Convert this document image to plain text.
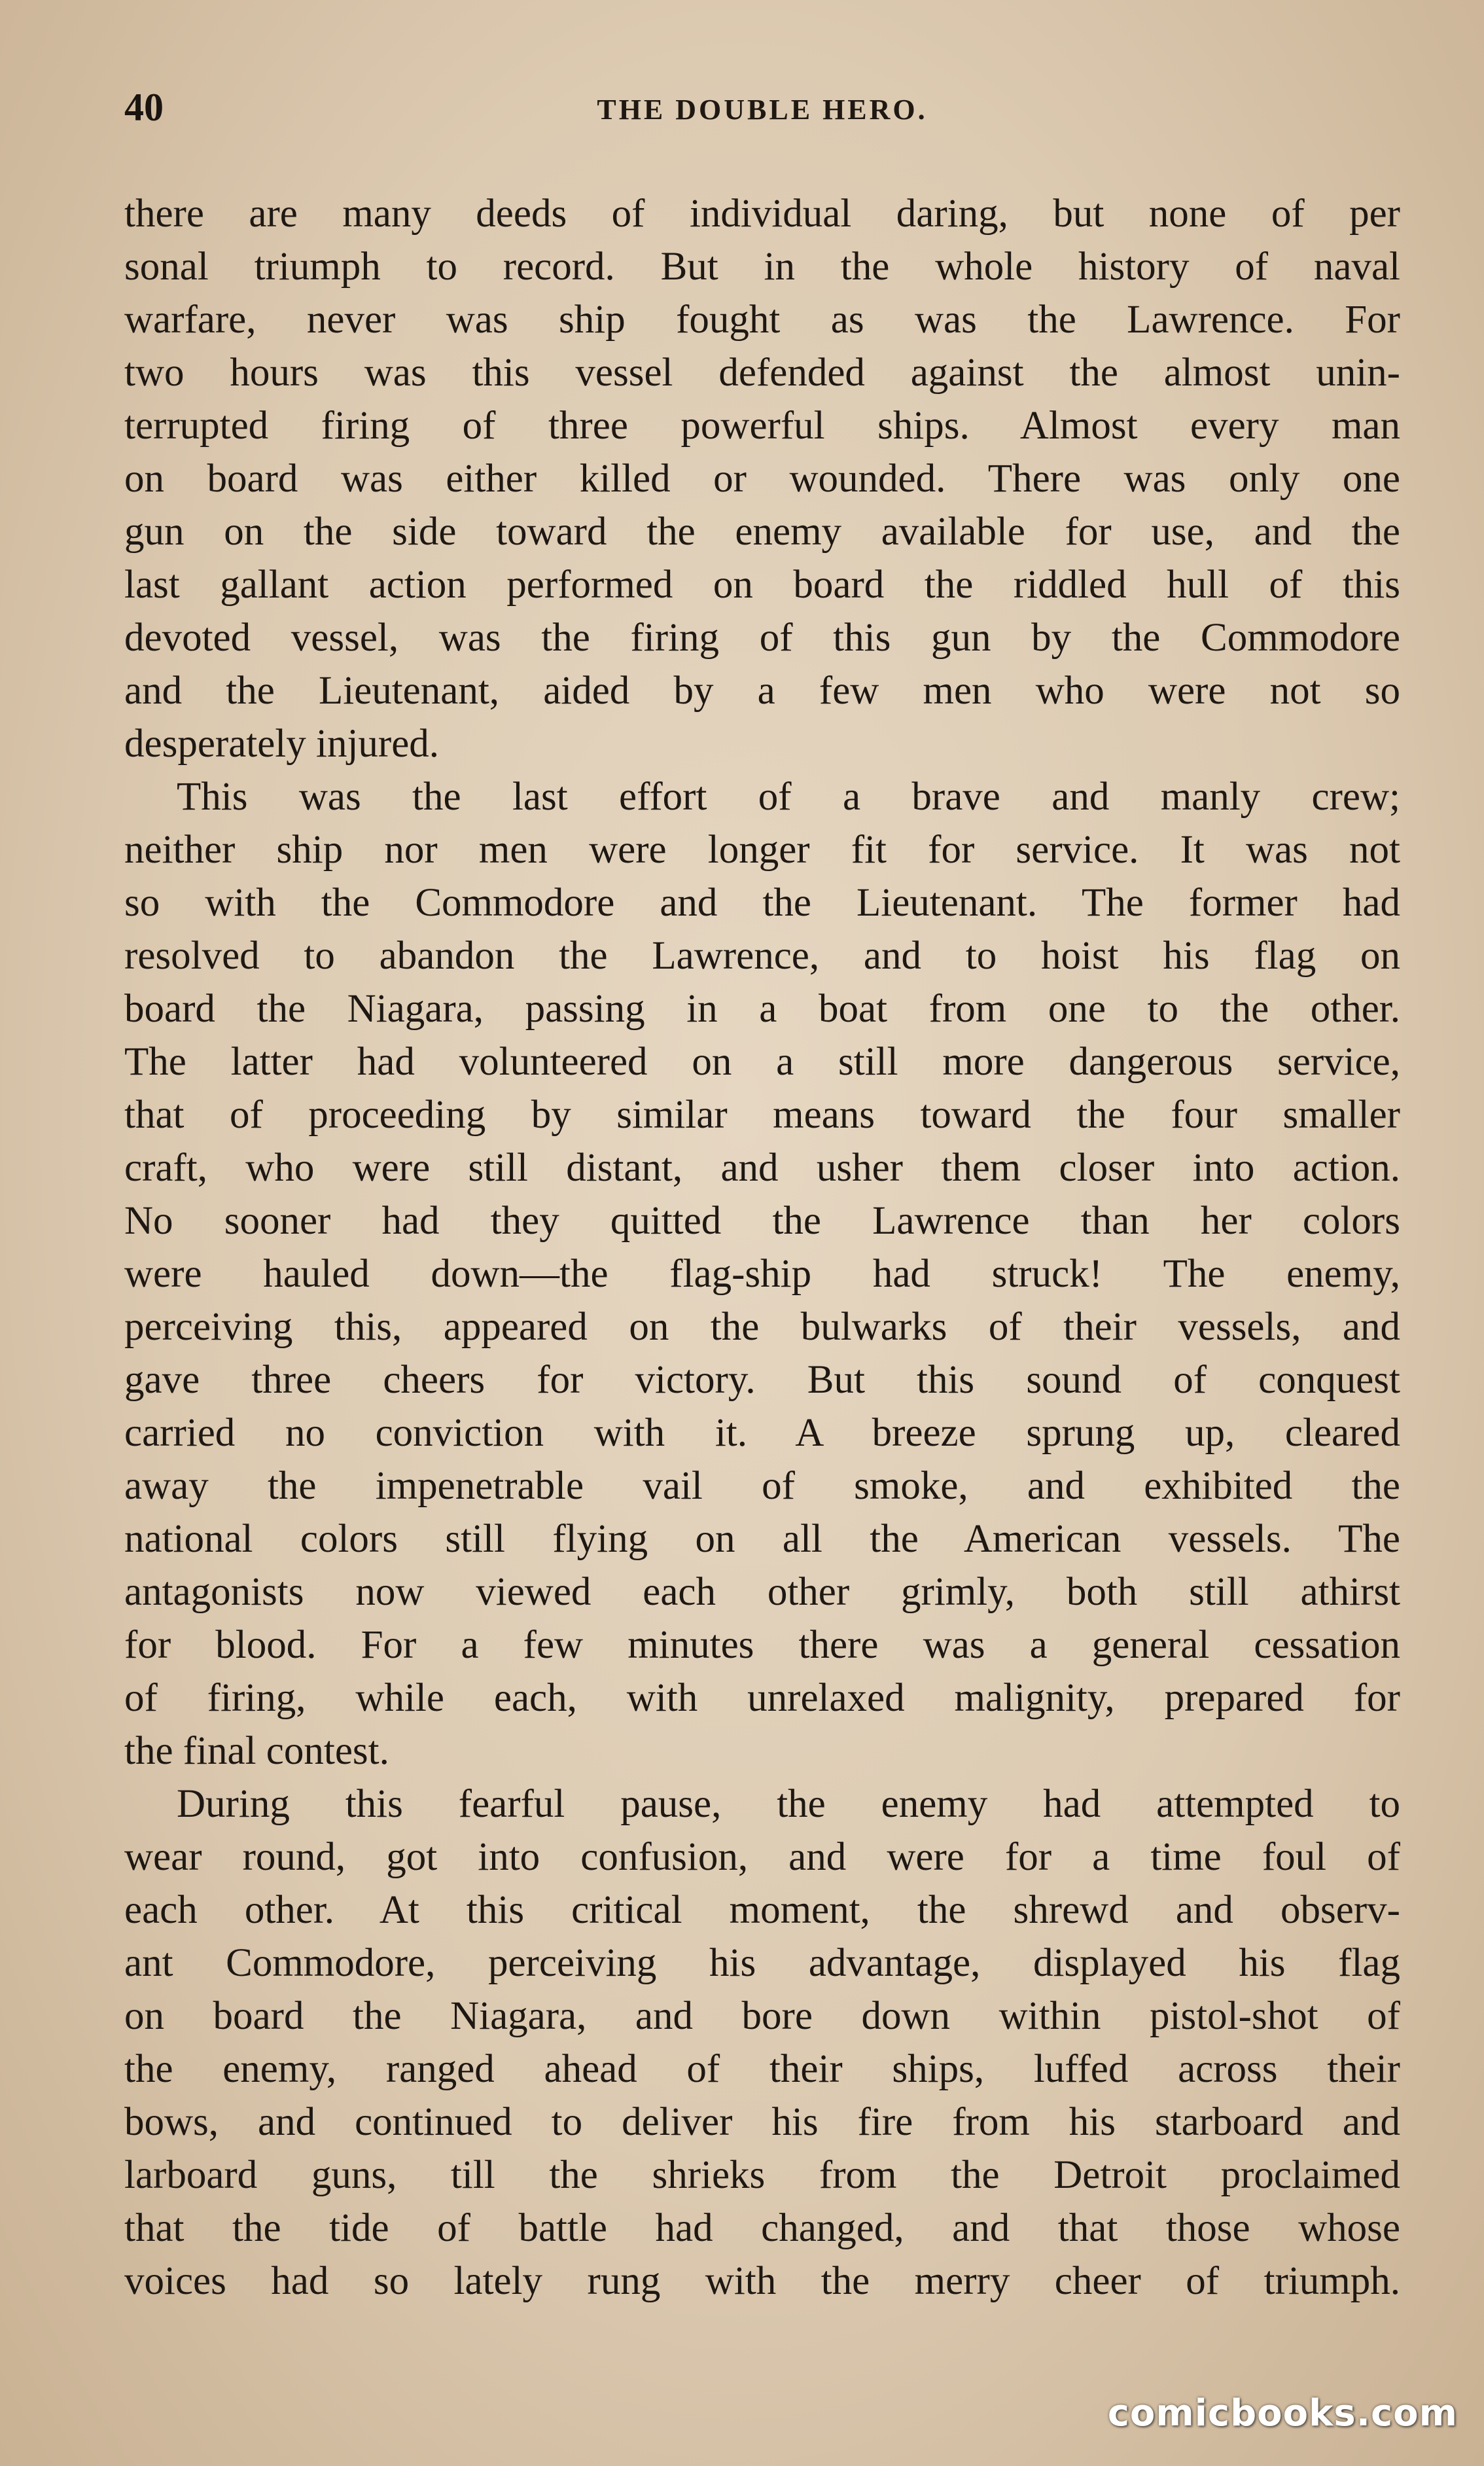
40	THE DOUBLE HERO.
there are many deeds of individual daring, but none of per
sonal triumph to record. But in the whole history of naval
warfare, never was ship fought as was the Lawrence. For
two hours was this vessel defended against the almost unin-
terrupted firing of three powerful ships. Almost every man
on board was either killed or wounded. There was only one
gun on the side toward the enemy available for use, and the
last gallant action performed on board the riddled hull of this
devoted vessel, was the firing of this gun by the Commodore
and the Lieutenant, aided by a few men who were not so
desperately injured.
This was the last effort of a brave and manly crew;
neither ship nor men were longer fit for service. It was not
so with the Commodore and the Lieutenant. The former had
resolved to abandon the Lawrence, and to hoist his flag on
board the Niagara, passing in a boat from one to the other.
The latter had volunteered on a still more dangerous service,
that of proceeding by similar means toward the four smaller
craft, who were still distant, and usher them closer into action.
No sooner had they quitted the Lawrence than her colors
were hauled down—the flag-ship had struck! The enemy,
perceiving this, appeared on the bulwarks of their vessels, and
gave three cheers for victory. But this sound of conquest
carried no conviction with it. A breeze sprung up, cleared
away the impenetrable vail of smoke, and exhibited the
national colors still flying on all the American vessels. The
antagonists now viewed each other grimly, both still athirst
for blood. For a few minutes there was a general cessation
of firing, while each, with unrelaxed malignity, prepared for
the final contest.
During this fearful pause, the enemy had attempted to
wear round, got into confusion, and were for a time foul of
each other. At this critical moment, the shrewd and observ-
ant Commodore, perceiving his advantage, displayed his flag
on board the Niagara, and bore down within pistol-shot of
the enemy, ranged ahead of their ships, luffed across their
bows, and continued to deliver his fire from his starboard and
larboard guns, till the shrieks from the Detroit proclaimed
that the tide of battle had changed, and that those whose
voices had so lately rung with the merry cheer of triumph.
comicbooks.com
